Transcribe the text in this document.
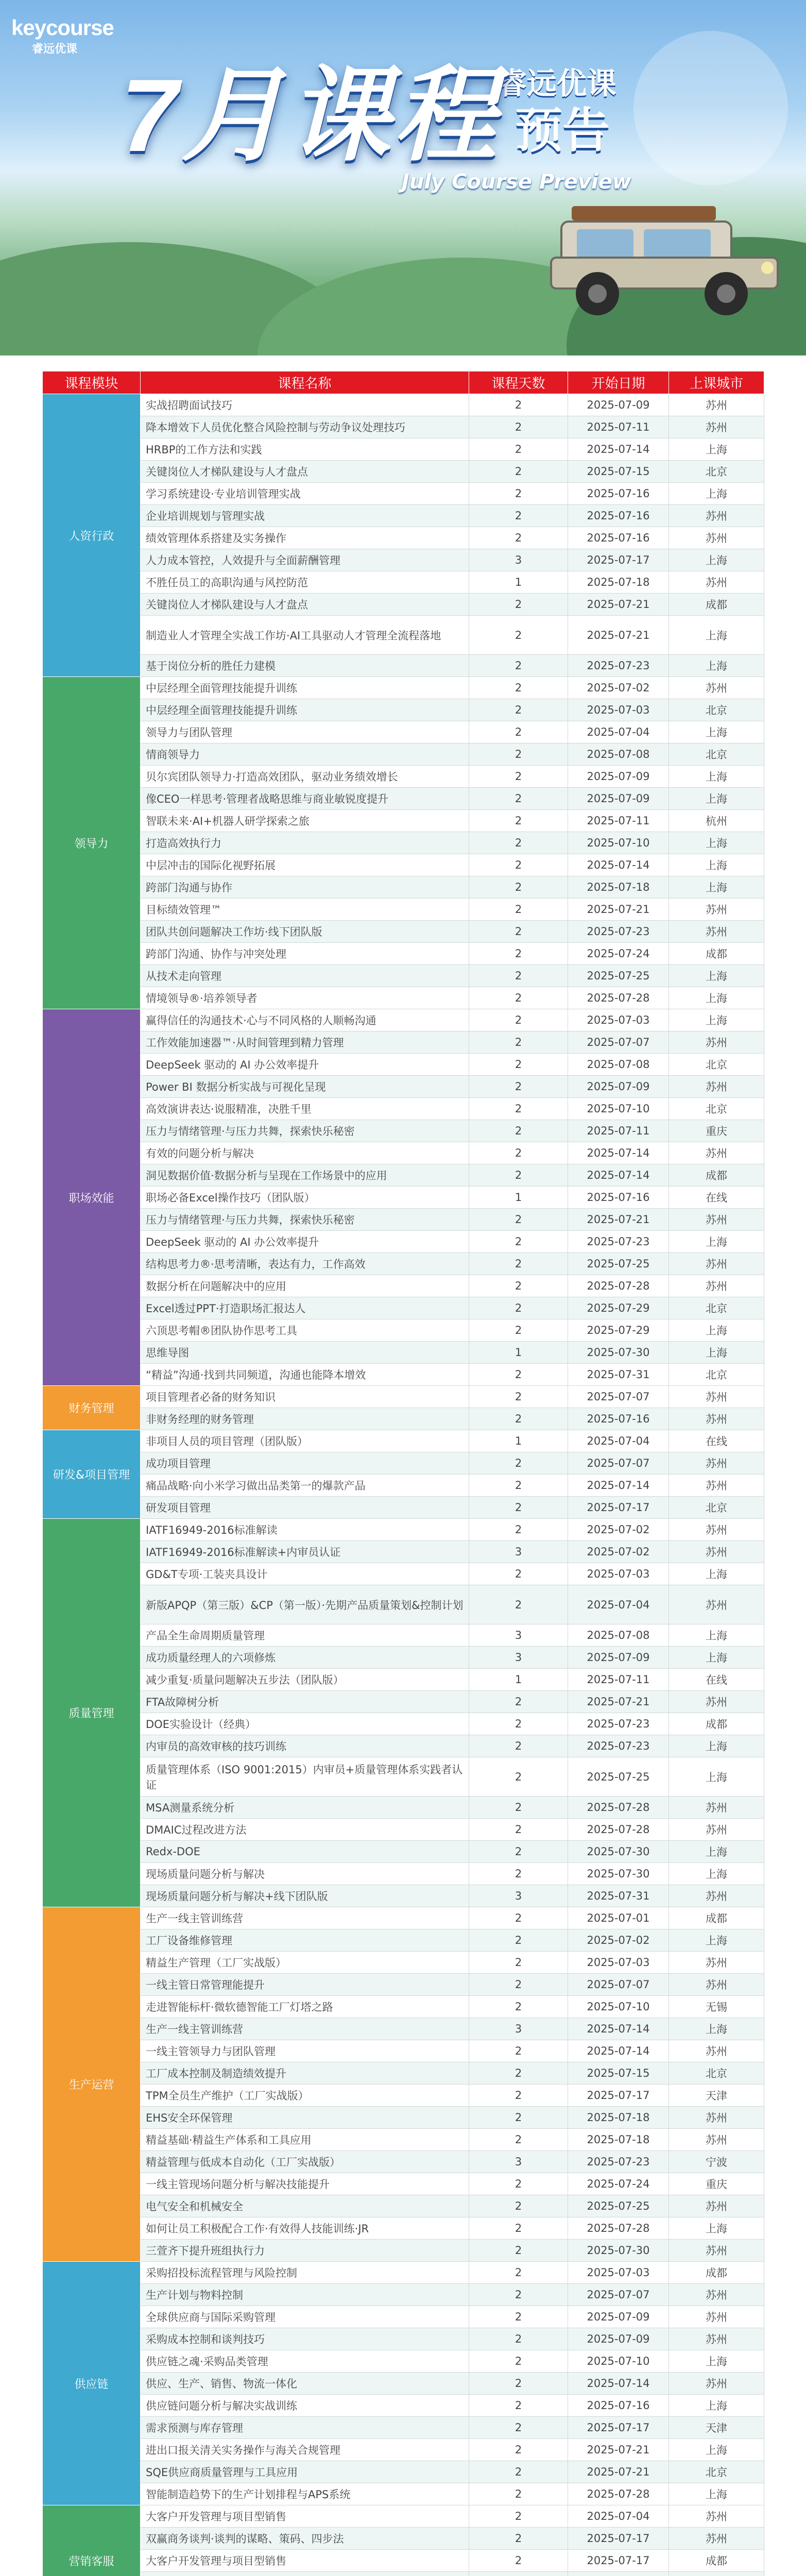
keycourse
睿远优课
睿远优课
预告
7月课程
July Course Preview
课程模块	课程名称	课程天数	开始日期	上课城市
人资行政	实战招聘面试技巧	2	2025-07-09	苏州
	降本增效下人员优化整合风险控制与劳动争议处理技巧	2	2025-07-11	苏州
	HRBP的工作方法和实践	2	2025-07-14	上海
	关键岗位人才梯队建设与人才盘点	2	2025-07-15	北京
	学习系统建设·专业培训管理实战	2	2025-07-16	上海
	企业培训规划与管理实战	2	2025-07-16	苏州
	绩效管理体系搭建及实务操作	2	2025-07-16	苏州
	人力成本管控，人效提升与全面薪酬管理	3	2025-07-17	上海
	不胜任员工的高职沟通与风控防范	1	2025-07-18	苏州
	关键岗位人才梯队建设与人才盘点	2	2025-07-21	成都
	制造业人才管理全实战工作坊·AI工具驱动人才管理全流程落地	2	2025-07-21	上海
	基于岗位分析的胜任力建模	2	2025-07-23	上海
领导力	中层经理全面管理技能提升训练	2	2025-07-02	苏州
	中层经理全面管理技能提升训练	2	2025-07-03	北京
	领导力与团队管理	2	2025-07-04	上海
	情商领导力	2	2025-07-08	北京
	贝尔宾团队领导力·打造高效团队，驱动业务绩效增长	2	2025-07-09	上海
	像CEO一样思考·管理者战略思维与商业敏锐度提升	2	2025-07-09	上海
	智联未来·AI+机器人研学探索之旅	2	2025-07-11	杭州
	打造高效执行力	2	2025-07-10	上海
	中层冲击的国际化视野拓展	2	2025-07-14	上海
	跨部门沟通与协作	2	2025-07-18	上海
	目标绩效管理™	2	2025-07-21	苏州
	团队共创问题解决工作坊·线下团队版	2	2025-07-23	苏州
	跨部门沟通、协作与冲突处理	2	2025-07-24	成都
	从技术走向管理	2	2025-07-25	上海
	情境领导®·培养领导者	2	2025-07-28	上海
职场效能	赢得信任的沟通技术·心与不同风格的人顺畅沟通	2	2025-07-03	上海
	工作效能加速器™·从时间管理到精力管理	2	2025-07-07	苏州
	DeepSeek 驱动的 AI 办公效率提升	2	2025-07-08	北京
	Power BI 数据分析实战与可视化呈现	2	2025-07-09	苏州
	高效演讲表达·说服精准，决胜千里	2	2025-07-10	北京
	压力与情绪管理·与压力共舞，探索快乐秘密	2	2025-07-11	重庆
	有效的问题分析与解决	2	2025-07-14	苏州
	洞见数据价值·数据分析与呈现在工作场景中的应用	2	2025-07-14	成都
	职场必备Excel操作技巧（团队版）	1	2025-07-16	在线
	压力与情绪管理·与压力共舞，探索快乐秘密	2	2025-07-21	苏州
	DeepSeek 驱动的 AI 办公效率提升	2	2025-07-23	上海
	结构思考力®·思考清晰，表达有力，工作高效	2	2025-07-25	苏州
	数据分析在问题解决中的应用	2	2025-07-28	苏州
	Excel透过PPT·打造职场汇报达人	2	2025-07-29	北京
	六顶思考帽®团队协作思考工具	2	2025-07-29	上海
	思维导图	1	2025-07-30	上海
	“精益”沟通·找到共同频道，沟通也能降本增效	2	2025-07-31	北京
财务管理	项目管理者必备的财务知识	2	2025-07-07	苏州
	非财务经理的财务管理	2	2025-07-16	苏州
研发&项目管理	非项目人员的项目管理（团队版）	1	2025-07-04	在线
	成功项目管理	2	2025-07-07	苏州
	痛品战略·向小米学习做出品类第一的爆款产品	2	2025-07-14	苏州
	研发项目管理	2	2025-07-17	北京
质量管理	IATF16949-2016标准解读	2	2025-07-02	苏州
	IATF16949-2016标准解读+内审员认证	3	2025-07-02	苏州
	GD&T专项·工装夹具设计	2	2025-07-03	上海
	新版APQP（第三版）&CP（第一版）·先期产品质量策划&控制计划	2	2025-07-04	苏州
	产品全生命周期质量管理	3	2025-07-08	上海
	成功质量经理人的六项修炼	3	2025-07-09	上海
	减少重复·质量问题解决五步法（团队版）	1	2025-07-11	在线
	FTA故障树分析	2	2025-07-21	苏州
	DOE实验设计（经典）	2	2025-07-23	成都
	内审员的高效审核的技巧训练	2	2025-07-23	上海
	质量管理体系（ISO 9001:2015）内审员+质量管理体系实践者认证	2	2025-07-25	上海
	MSA测量系统分析	2	2025-07-28	苏州
	DMAIC过程改进方法	2	2025-07-28	苏州
	Redx-DOE	2	2025-07-30	上海
	现场质量问题分析与解决	2	2025-07-30	上海
	现场质量问题分析与解决+线下团队版	3	2025-07-31	苏州
生产运营	生产一线主管训练营	2	2025-07-01	成都
	工厂设备维修管理	2	2025-07-02	上海
	精益生产管理（工厂实战版）	2	2025-07-03	苏州
	一线主管日常管理能提升	2	2025-07-07	苏州
	走进智能标杆·微软德智能工厂灯塔之路	2	2025-07-10	无锡
	生产一线主管训练营	3	2025-07-14	上海
	一线主管领导力与团队管理	2	2025-07-14	苏州
	工厂成本控制及制造绩效提升	2	2025-07-15	北京
	TPM全员生产维护（工厂实战版）	2	2025-07-17	天津
	EHS安全环保管理	2	2025-07-18	苏州
	精益基础·精益生产体系和工具应用	2	2025-07-18	苏州
	精益管理与低成本自动化（工厂实战版）	3	2025-07-23	宁波
	一线主管现场问题分析与解决技能提升	2	2025-07-24	重庆
	电气安全和机械安全	2	2025-07-25	苏州
	如何让员工积极配合工作·有效得人技能训练·JR	2	2025-07-28	上海
	三萱齐下提升班组执行力	2	2025-07-30	苏州
供应链	采购招投标流程管理与风险控制	2	2025-07-03	成都
	生产计划与物料控制	2	2025-07-07	苏州
	全球供应商与国际采购管理	2	2025-07-09	苏州
	采购成本控制和谈判技巧	2	2025-07-09	苏州
	供应链之魂·采购品类管理	2	2025-07-10	上海
	供应、生产、销售、物流一体化	2	2025-07-14	苏州
	供应链问题分析与解决实战训练	2	2025-07-16	上海
	需求预测与库存管理	2	2025-07-17	天津
	进出口报关清关实务操作与海关合规管理	2	2025-07-21	上海
	SQE供应商质量管理与工具应用	2	2025-07-21	北京
	智能制造趋势下的生产计划排程与APS系统	2	2025-07-28	上海
营销客服	大客户开发管理与项目型销售	2	2025-07-04	苏州
	双赢商务谈判·谈判的谋略、策码、四步法	2	2025-07-17	苏州
	大客户开发管理与项目型销售	2	2025-07-17	成都
